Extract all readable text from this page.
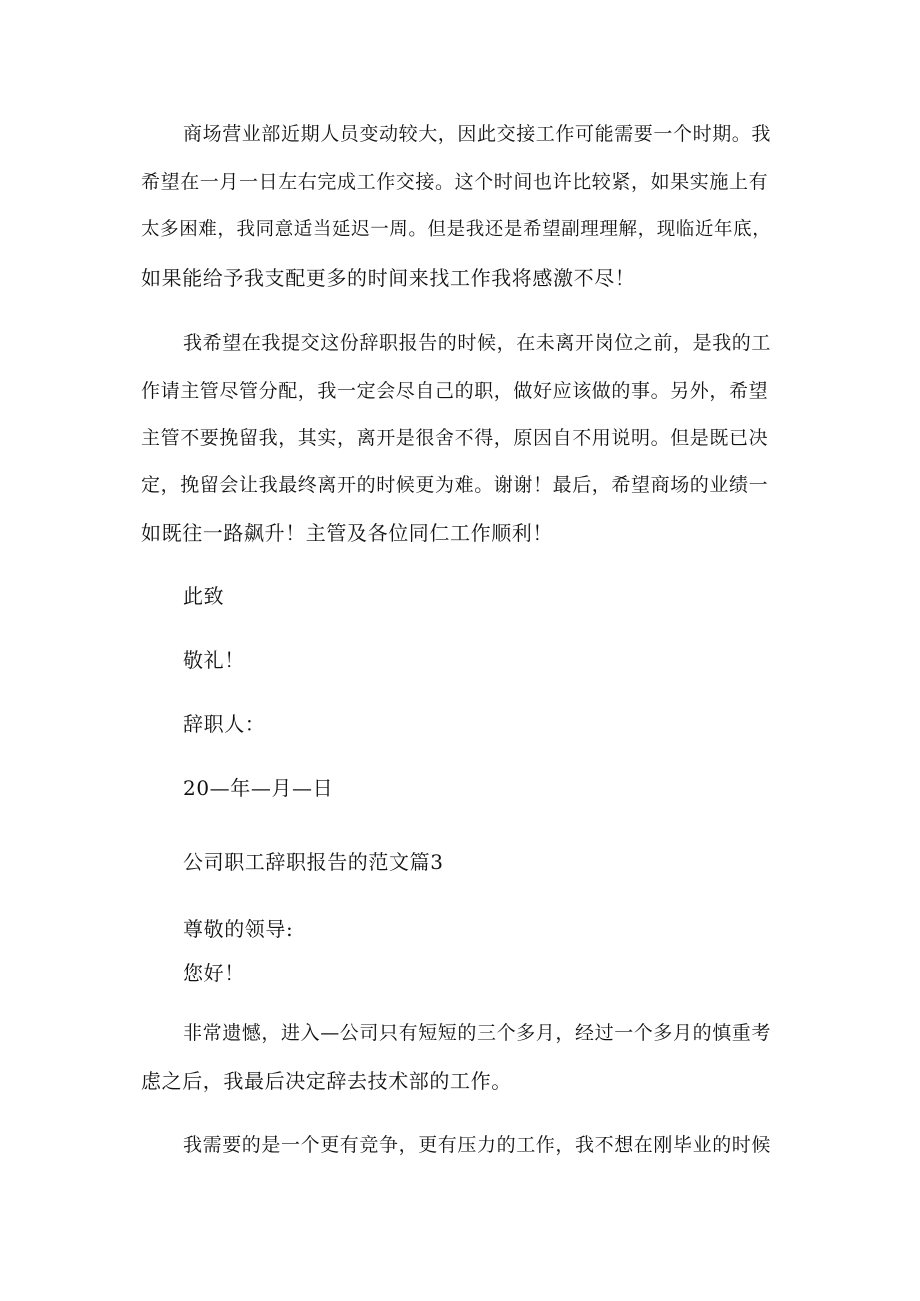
商场营业部近期人员变动较大，因此交接工作可能需要一个时期。我
希望在一月一日左右完成工作交接。这个时间也许比较紧，如果实施上有
太多困难，我同意适当延迟一周。但是我还是希望副理理解，现临近年底，
如果能给予我支配更多的时间来找工作我将感激不尽！
我希望在我提交这份辞职报告的时候，在未离开岗位之前，是我的工
作请主管尽管分配，我一定会尽自己的职，做好应该做的事。另外，希望
主管不要挽留我，其实，离开是很舍不得，原因自不用说明。但是既已决
定，挽留会让我最终离开的时候更为难。谢谢！最后，希望商场的业绩一
如既往一路飙升！主管及各位同仁工作顺利！
此致
敬礼！
辞职人：
20—年—月—日
公司职工辞职报告的范文篇3
尊敬的领导:
您好！
非常遗憾，进入—公司只有短短的三个多月，经过一个多月的慎重考
虑之后，我最后决定辞去技术部的工作。
我需要的是一个更有竞争，更有压力的工作，我不想在刚毕业的时候
